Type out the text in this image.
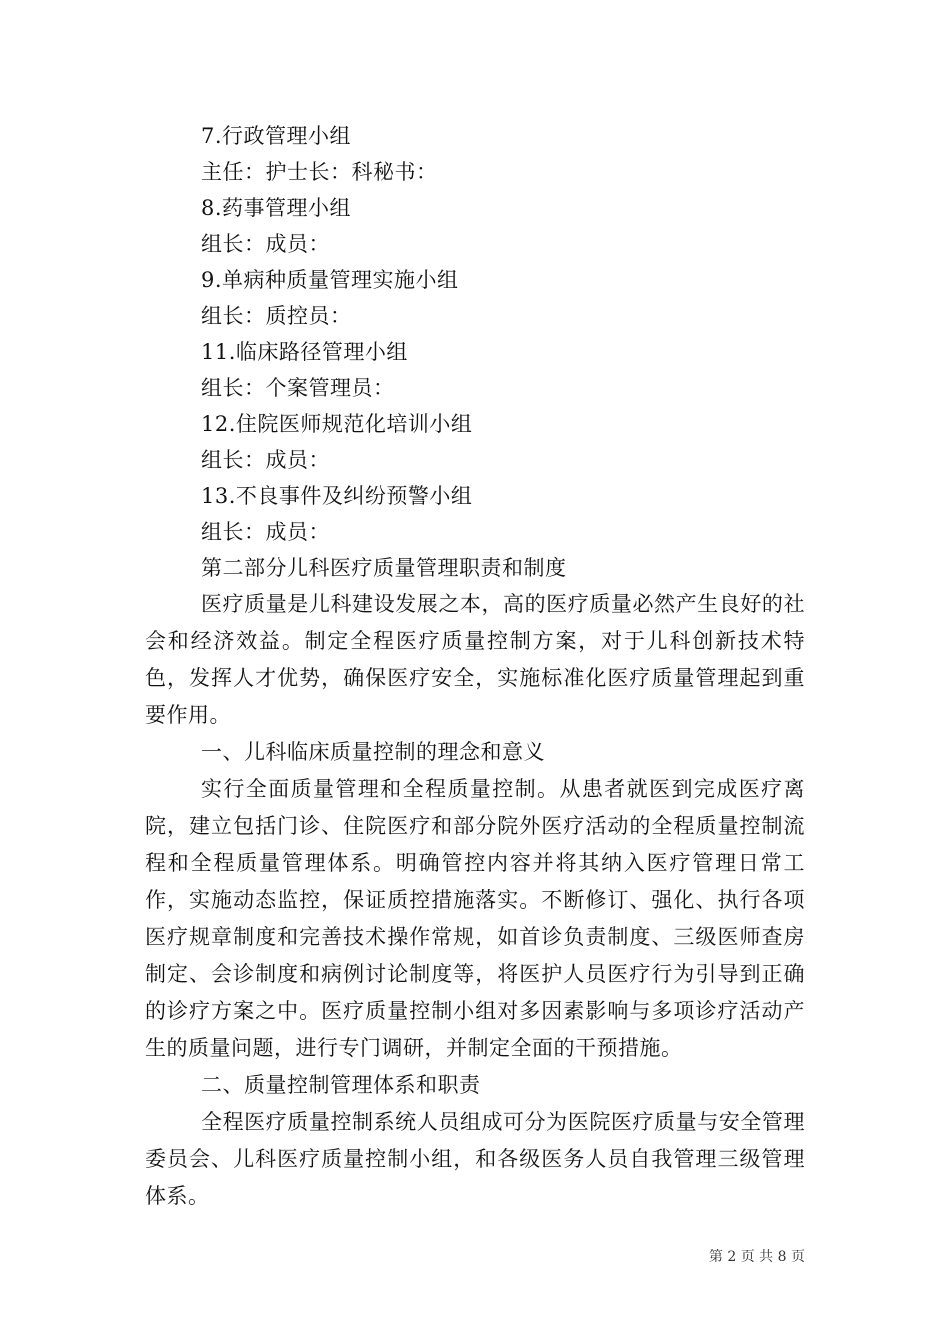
7.行政管理小组
主任：护士长：科秘书：
8.药事管理小组
组长：成员：
9.单病种质量管理实施小组
组长：质控员：
11.临床路径管理小组
组长：个案管理员：
12.住院医师规范化培训小组
组长：成员：
13.不良事件及纠纷预警小组
组长：成员：
第二部分儿科医疗质量管理职责和制度

医疗质量是儿科建设发展之本，高的医疗质量必然产生良好的社会和经济效益。制定全程医疗质量控制方案，对于儿科创新技术特色，发挥人才优势，确保医疗安全，实施标准化医疗质量管理起到重要作用。

一、儿科临床质量控制的理念和意义

实行全面质量管理和全程质量控制。从患者就医到完成医疗离院，建立包括门诊、住院医疗和部分院外医疗活动的全程质量控制流程和全程质量管理体系。明确管控内容并将其纳入医疗管理日常工作，实施动态监控，保证质控措施落实。不断修订、强化、执行各项医疗规章制度和完善技术操作常规，如首诊负责制度、三级医师查房制定、会诊制度和病例讨论制度等，将医护人员医疗行为引导到正确的诊疗方案之中。医疗质量控制小组对多因素影响与多项诊疗活动产生的质量问题，进行专门调研，并制定全面的干预措施。

二、质量控制管理体系和职责

全程医疗质量控制系统人员组成可分为医院医疗质量与安全管理委员会、儿科医疗质量控制小组，和各级医务人员自我管理三级管理体系。

第 2 页 共 8 页
